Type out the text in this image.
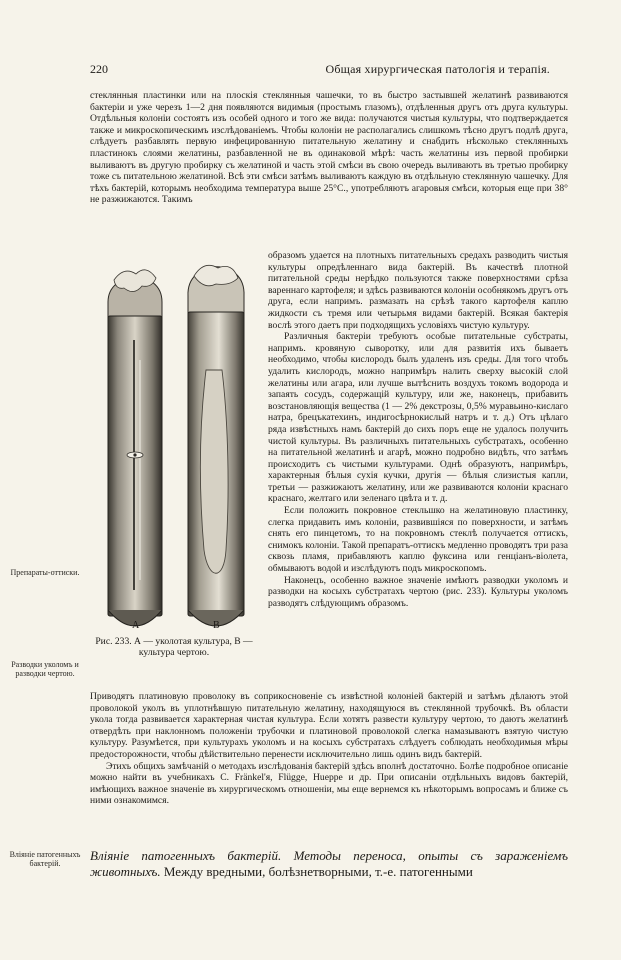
220	Общая хирургическая патологія и терапія.

стеклянныя пластинки или на плоскія стеклянныя чашечки, то въ быстро застывшей желатинѣ развиваются бактеріи и уже черезъ 1—2 дня появляются видимыя (простымъ глазомъ), отдѣленныя другъ отъ друга культуры. Отдѣльныя колоніи состоятъ изъ особей одного и того же вида: получаются чистыя культуры, что подтверждается также и микроскопическимъ изслѣдованіемъ. Чтобы колоніи не располагались слишкомъ тѣсно другъ подлѣ друга, слѣдуетъ разбавлять первую инфецированную питательную желатину и снабдить нѣсколько стеклянныхъ пластинокъ слоями желатины, разбавленной не въ одинаковой мѣрѣ: часть желатины изъ первой пробирки выливаютъ въ другую пробирку съ желатиной и часть этой смѣси въ свою очередь выливаютъ въ третью пробирку тоже съ питательною желатиной. Всѣ эти смѣси затѣмъ выливаютъ каждую въ отдѣльную стеклянную чашечку. Для тѣхъ бактерій, которымъ необходима температура выше 25°С., употребляютъ агаровыя смѣси, которыя еще при 38° не разжижаются. Такимъ

A	B
Рис. 233. А — уколотая культура, В — культура чертою.

образомъ удается на плотныхъ питательныхъ средахъ разводить чистыя культуры опредѣленнаго вида бактерій. Въ качествѣ плотной питательной среды нерѣдко пользуются также поверхностями срѣза вареннаго картофеля; и здѣсь развиваются колоніи особнякомъ другъ отъ друга, если напримъ. размазать на срѣзѣ такого картофеля каплю жидкости съ тремя или четырьмя видами бактерій. Всякая бактерія вослѣ этого даетъ при подходящихъ условіяхъ чистую культуру.

Различныя бактеріи требуютъ особые питательные субстраты, напримъ. кровяную сыворотку, или для развитія ихъ бываетъ необходимо, чтобы кислородъ былъ удаленъ изъ среды. Для того чтобъ удалить кислородъ, можно напримѣръ налить сверху высокій слой желатины или агара, или лучше вытѣснить воздухъ токомъ водорода и запаять сосудъ, содержащій культуру, или же, наконецъ, прибавить возстановляющія вещества (1 — 2% декстрозы, 0,5% муравьино-кислаго натра, брецъкатехинъ, индигосѣрнокислый натръ и т. д.) Отъ цѣлаго ряда извѣстныхъ намъ бактерій до сихъ поръ еще не удалось получить чистой культуры. Въ различныхъ питательныхъ субстратахъ, особенно на питательной желатинѣ и агарѣ, можно подробно видѣть, что затѣмъ происходитъ съ чистыми культурами. Однѣ образуютъ, напримѣръ, характерныя бѣлыя сухія кучки, другія — бѣлыя слизистыя капли, третьи — разжижаютъ желатину, или же развиваются колоніи краснаго краснаго, желтаго или зеленаго цвѣта и т. д.

Если положить покровное стекльшко на желатиновую пластинку, слегка придавить имъ колоніи, развившіяся по поверхности, и затѣмъ снять его пинцетомъ, то на покровномъ стеклѣ получается оттискъ, снимокъ колоніи. Такой препаратъ-оттискъ медленно проводятъ три раза сквозь пламя, прибавляютъ каплю фуксина или генціанъ-віолета, обмываютъ водой и изслѣдуютъ подъ микроскопомъ.

Наконецъ, особенно важное значеніе имѣютъ разводки уколомъ и разводки на косыхъ субстратахъ чертою (рис. 233). Культуры уколомъ разводятъ слѣдующимъ образомъ.

Препараты-оттиски.
Разводки уколомъ и разводки чертою.
Вліяніе патогенныхъ бактерій.

Приводятъ платиновую проволоку въ соприкосновеніе съ извѣстной колоніей бактерій и затѣмъ дѣлаютъ этой проволокой уколъ въ уплотнѣвшую питательную желатину, находящуюся въ стеклянной трубочкѣ. Въ области укола тогда развивается характерная чистая культура. Если хотятъ развести культуру чертою, то даютъ желатинѣ отвердѣть при наклонномъ положеніи трубочки и платиновой проволокой слегка намазываютъ взятую чистую культуру. Разумѣется, при культурахъ уколомъ и на косыхъ субстратахъ слѣдуетъ соблюдать необходимыя мѣры предосторожности, чтобы дѣйствительно перенести исключительно лишь одинъ видъ бактерій.

Этихъ общихъ замѣчаній о методахъ изслѣдованія бактерій здѣсь вполнѣ достаточно. Болѣе подробное описаніе можно найти въ учебникахъ C. Fränkel'я, Flügge, Hueppe и др. При описаніи отдѣльныхъ видовъ бактерій, имѣющихъ важное значеніе въ хирургическомъ отношеніи, мы еще вернемся къ нѣкоторымъ вопросамъ и ближе съ ними ознакомимся.

Вліяніе патогенныхъ бактерій. Методы переноса, опыты съ зараженіемъ животныхъ. Между вредными, болѣзнетворными, т.-е. патогенными
